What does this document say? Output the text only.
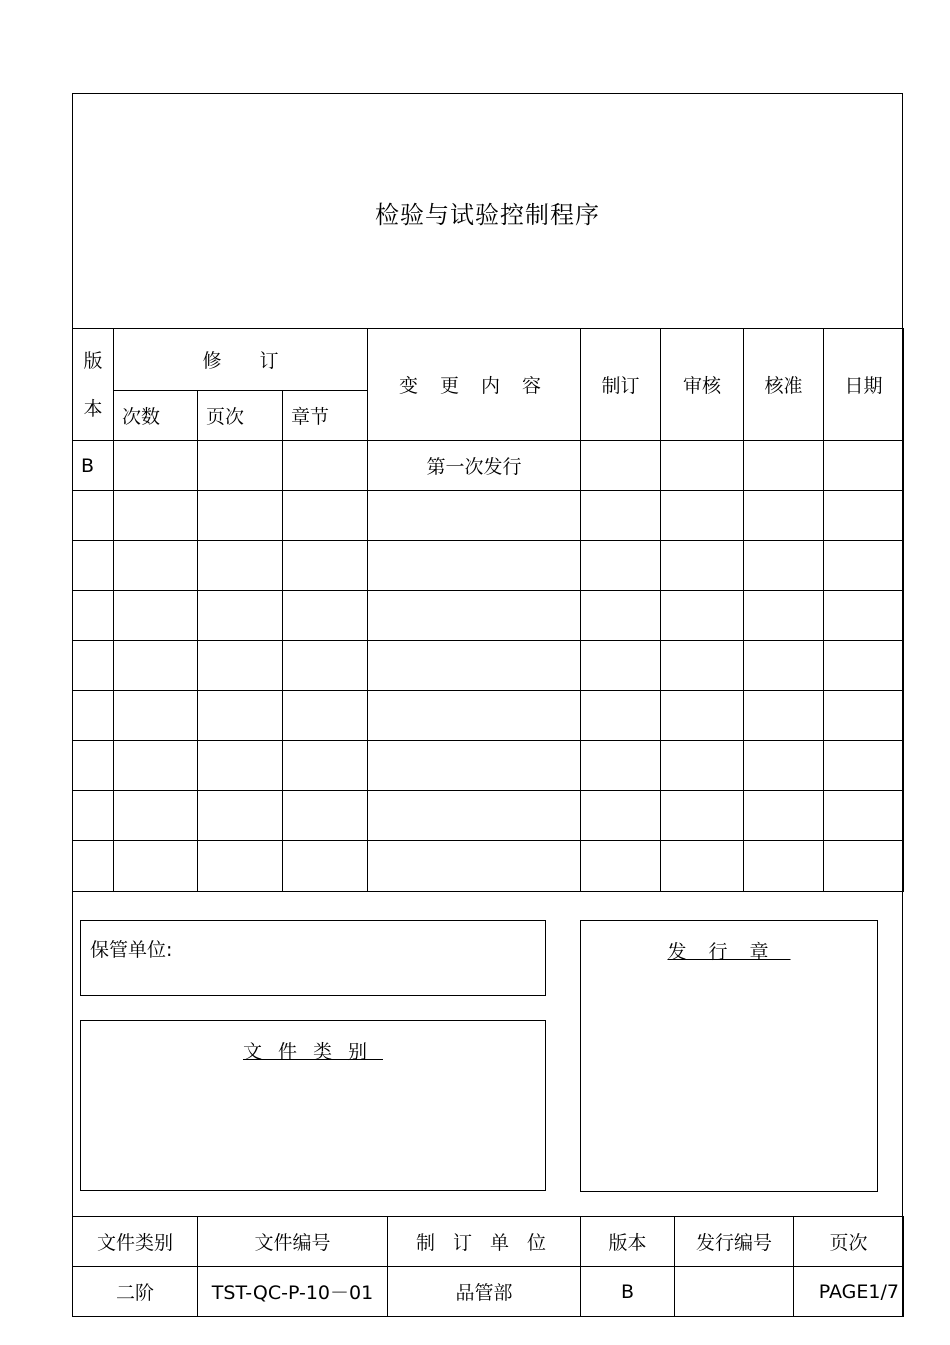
检验与试验控制程序
版
本	修　　订			变 更 内 容	制订	审核	核准	日期
	次数	页次	章节					
B				第一次发行				

保管单位:
文件类别
发行章
文件类别	文件编号	制 订 单 位	版本	发行编号	页次
二阶	TST-QC-P-10－01	品管部	B		PAGE1/7
